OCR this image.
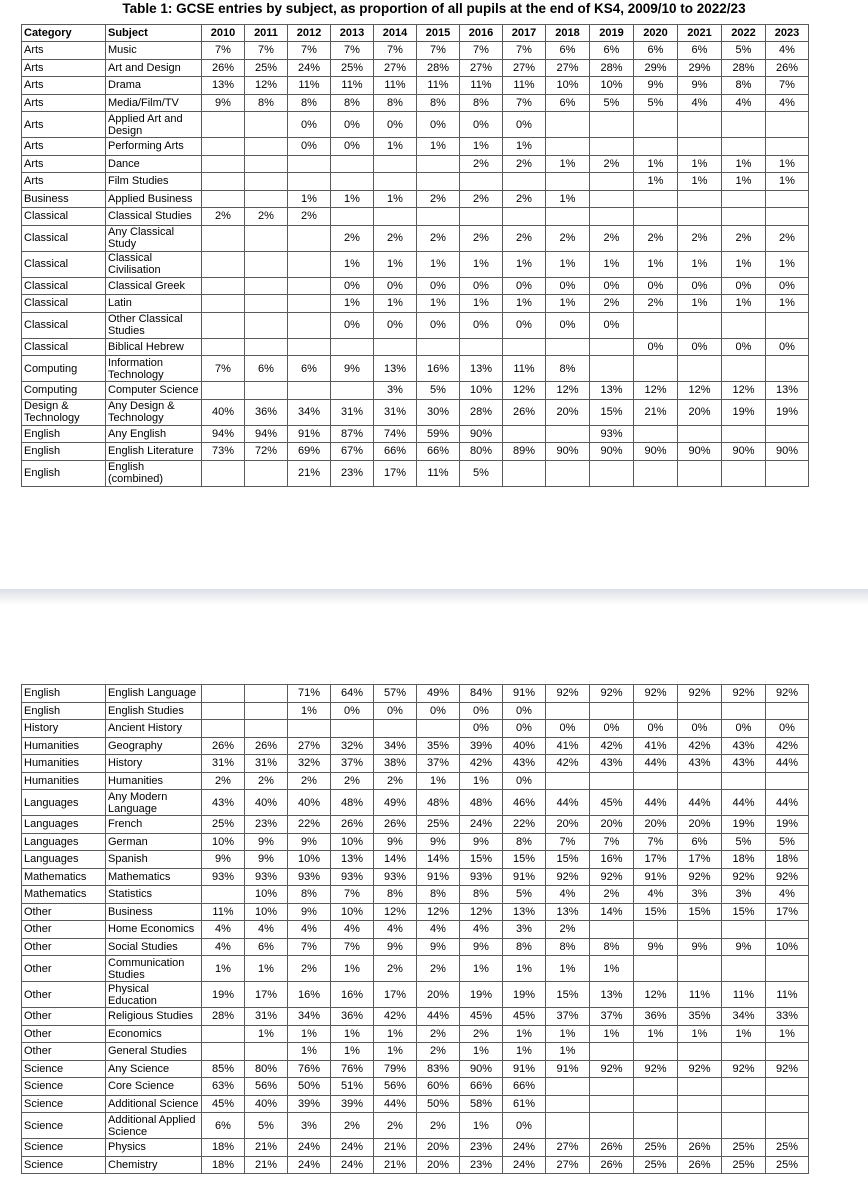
Table 1: GCSE entries by subject, as proportion of all pupils at the end of KS4, 2009/10 to 2022/23
Category	Subject	2010	2011	2012	2013	2014	2015	2016	2017	2018	2019	2020	2021	2022	2023
Arts	Music	7%	7%	7%	7%	7%	7%	7%	7%	6%	6%	6%	6%	5%	4%
Arts	Art and Design	26%	25%	24%	25%	27%	28%	27%	27%	27%	28%	29%	29%	28%	26%
Arts	Drama	13%	12%	11%	11%	11%	11%	11%	11%	10%	10%	9%	9%	8%	7%
Arts	Media/Film/TV	9%	8%	8%	8%	8%	8%	8%	7%	6%	5%	5%	4%	4%	4%
Arts	Applied Art and Design			0%	0%	0%	0%	0%	0%						
Arts	Performing Arts			0%	0%	1%	1%	1%	1%						
Arts	Dance							2%	2%	1%	2%	1%	1%	1%	1%
Arts	Film Studies											1%	1%	1%	1%
Business	Applied Business			1%	1%	1%	2%	2%	2%	1%					
Classical	Classical Studies	2%	2%	2%											
Classical	Any Classical Study				2%	2%	2%	2%	2%	2%	2%	2%	2%	2%	2%
Classical	Classical Civilisation				1%	1%	1%	1%	1%	1%	1%	1%	1%	1%	1%
Classical	Classical Greek				0%	0%	0%	0%	0%	0%	0%	0%	0%	0%	0%
Classical	Latin				1%	1%	1%	1%	1%	1%	2%	2%	1%	1%	1%
Classical	Other Classical Studies				0%	0%	0%	0%	0%	0%	0%				
Classical	Biblical Hebrew											0%	0%	0%	0%
Computing	Information Technology	7%	6%	6%	9%	13%	16%	13%	11%	8%					
Computing	Computer Science					3%	5%	10%	12%	12%	13%	12%	12%	12%	13%
Design & Technology	Any Design & Technology	40%	36%	34%	31%	31%	30%	28%	26%	20%	15%	21%	20%	19%	19%
English	Any English	94%	94%	91%	87%	74%	59%	90%			93%				
English	English Literature	73%	72%	69%	67%	66%	66%	80%	89%	90%	90%	90%	90%	90%	90%
English	English (combined)			21%	23%	17%	11%	5%							
English	English Language			71%	64%	57%	49%	84%	91%	92%	92%	92%	92%	92%	92%
English	English Studies			1%	0%	0%	0%	0%	0%						
History	Ancient History							0%	0%	0%	0%	0%	0%	0%	0%
Humanities	Geography	26%	26%	27%	32%	34%	35%	39%	40%	41%	42%	41%	42%	43%	42%
Humanities	History	31%	31%	32%	37%	38%	37%	42%	43%	42%	43%	44%	43%	43%	44%
Humanities	Humanities	2%	2%	2%	2%	2%	1%	1%	0%						
Languages	Any Modern Language	43%	40%	40%	48%	49%	48%	48%	46%	44%	45%	44%	44%	44%	44%
Languages	French	25%	23%	22%	26%	26%	25%	24%	22%	20%	20%	20%	20%	19%	19%
Languages	German	10%	9%	9%	10%	9%	9%	9%	8%	7%	7%	7%	6%	5%	5%
Languages	Spanish	9%	9%	10%	13%	14%	14%	15%	15%	15%	16%	17%	17%	18%	18%
Mathematics	Mathematics	93%	93%	93%	93%	93%	91%	93%	91%	92%	92%	91%	92%	92%	92%
Mathematics	Statistics		10%	8%	7%	8%	8%	8%	5%	4%	2%	4%	3%	3%	4%
Other	Business	11%	10%	9%	10%	12%	12%	12%	13%	13%	14%	15%	15%	15%	17%
Other	Home Economics	4%	4%	4%	4%	4%	4%	4%	3%	2%					
Other	Social Studies	4%	6%	7%	7%	9%	9%	9%	8%	8%	8%	9%	9%	9%	10%
Other	Communication Studies	1%	1%	2%	1%	2%	2%	1%	1%	1%	1%				
Other	Physical Education	19%	17%	16%	16%	17%	20%	19%	19%	15%	13%	12%	11%	11%	11%
Other	Religious Studies	28%	31%	34%	36%	42%	44%	45%	45%	37%	37%	36%	35%	34%	33%
Other	Economics		1%	1%	1%	1%	2%	2%	1%	1%	1%	1%	1%	1%	1%
Other	General Studies			1%	1%	1%	2%	1%	1%	1%					
Science	Any Science	85%	80%	76%	76%	79%	83%	90%	91%	91%	92%	92%	92%	92%	92%
Science	Core Science	63%	56%	50%	51%	56%	60%	66%	66%						
Science	Additional Science	45%	40%	39%	39%	44%	50%	58%	61%						
Science	Additional Applied Science	6%	5%	3%	2%	2%	2%	1%	0%						
Science	Physics	18%	21%	24%	24%	21%	20%	23%	24%	27%	26%	25%	26%	25%	25%
Science	Chemistry	18%	21%	24%	24%	21%	20%	23%	24%	27%	26%	25%	26%	25%	25%
